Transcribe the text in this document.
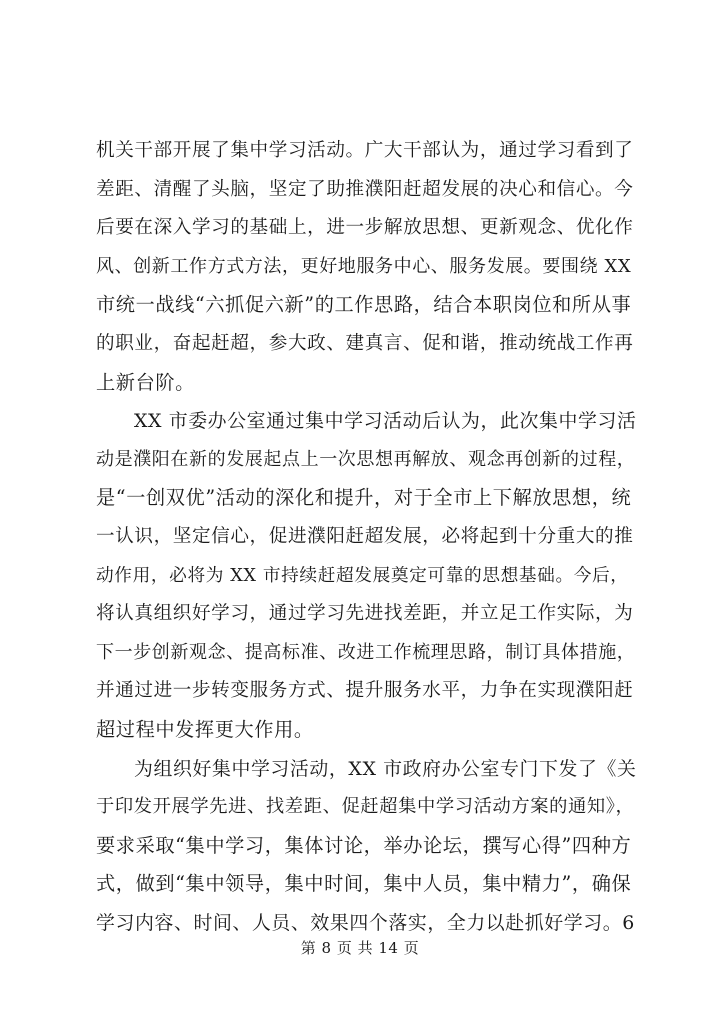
机关干部开展了集中学习活动。广大干部认为，通过学习看到了
差距、清醒了头脑，坚定了助推濮阳赶超发展的决心和信心。今
后要在深入学习的基础上，进一步解放思想、更新观念、优化作
风、创新工作方式方法，更好地服务中心、服务发展。要围绕 XX
市统一战线“六抓促六新”的工作思路，结合本职岗位和所从事
的职业，奋起赶超，参大政、建真言、促和谐，推动统战工作再
上新台阶。
XX 市委办公室通过集中学习活动后认为，此次集中学习活
动是濮阳在新的发展起点上一次思想再解放、观念再创新的过程，
是“一创双优”活动的深化和提升，对于全市上下解放思想，统
一认识，坚定信心，促进濮阳赶超发展，必将起到十分重大的推
动作用，必将为 XX 市持续赶超发展奠定可靠的思想基础。今后，
将认真组织好学习，通过学习先进找差距，并立足工作实际，为
下一步创新观念、提高标准、改进工作梳理思路，制订具体措施，
并通过进一步转变服务方式、提升服务水平，力争在实现濮阳赶
超过程中发挥更大作用。
为组织好集中学习活动，XX 市政府办公室专门下发了《关
于印发开展学先进、找差距、促赶超集中学习活动方案的通知》，
要求采取“集中学习，集体讨论，举办论坛，撰写心得”四种方
式，做到“集中领导，集中时间，集中人员，集中精力”，确保
学习内容、时间、人员、效果四个落实，全力以赴抓好学习。6
第 8 页 共 14 页
